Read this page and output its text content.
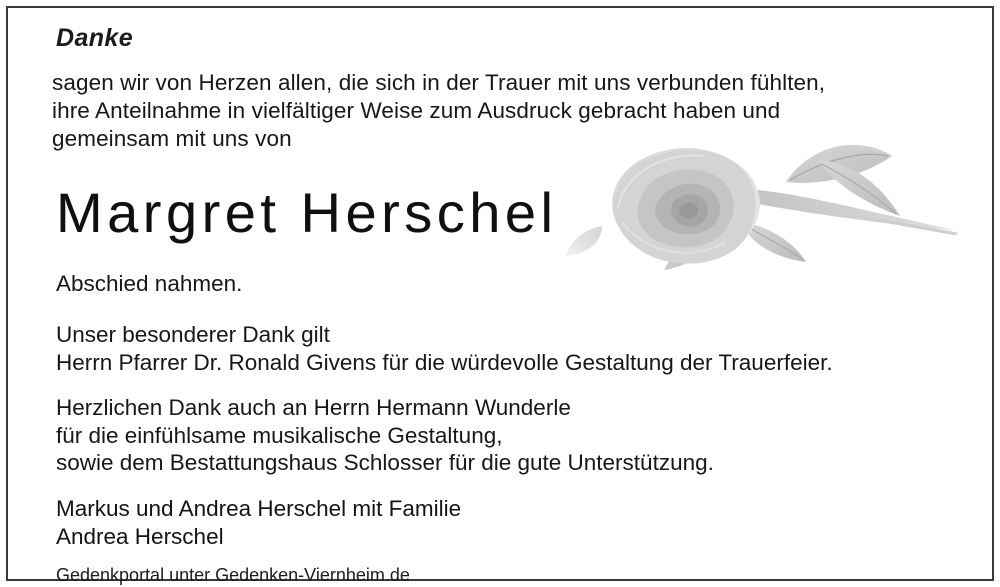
Danke
sagen wir von Herzen allen, die sich in der Trauer mit uns verbunden fühlten,
ihre Anteilnahme in vielfältiger Weise zum Ausdruck gebracht haben und
gemeinsam mit uns von
Margret Herschel
Abschied nahmen.
Unser besonderer Dank gilt
Herrn Pfarrer Dr. Ronald Givens für die würdevolle Gestaltung der Trauerfeier.
Herzlichen Dank auch an Herrn Hermann Wunderle
für die einfühlsame musikalische Gestaltung,
sowie dem Bestattungshaus Schlosser für die gute Unterstützung.
Markus und Andrea Herschel mit Familie
Andrea Herschel
Gedenkportal unter Gedenken-Viernheim.de
